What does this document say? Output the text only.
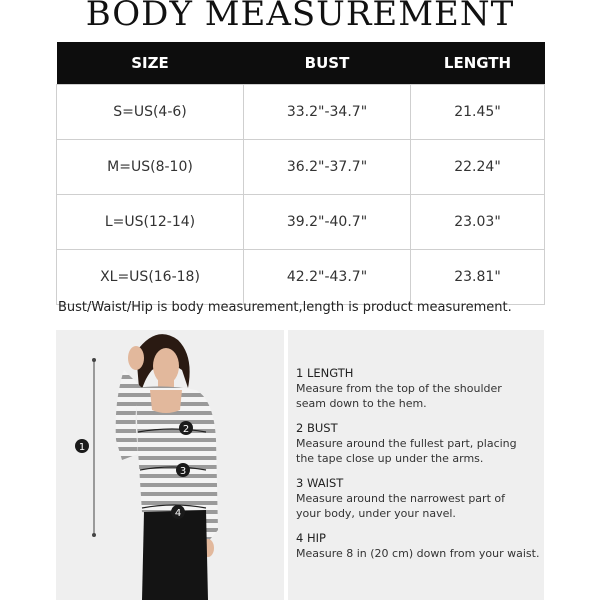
BODY MEASUREMENT
SIZE	BUST	LENGTH
S=US(4-6)	33.2"-34.7"	21.45"
M=US(8-10)	36.2"-37.7"	22.24"
L=US(12-14)	39.2"-40.7"	23.03"
XL=US(16-18)	42.2"-43.7"	23.81"
Bust/Waist/Hip is body measurement,length is product measurement.
1
2
3
4
1 LENGTH
Measure from the top of the shoulder
seam down to the hem.
2 BUST
Measure around the fullest part, placing
the tape close up under the arms.
3 WAIST
Measure around the narrowest part of
your body, under your navel.
4 HIP
Measure 8 in (20 cm) down from your waist.
